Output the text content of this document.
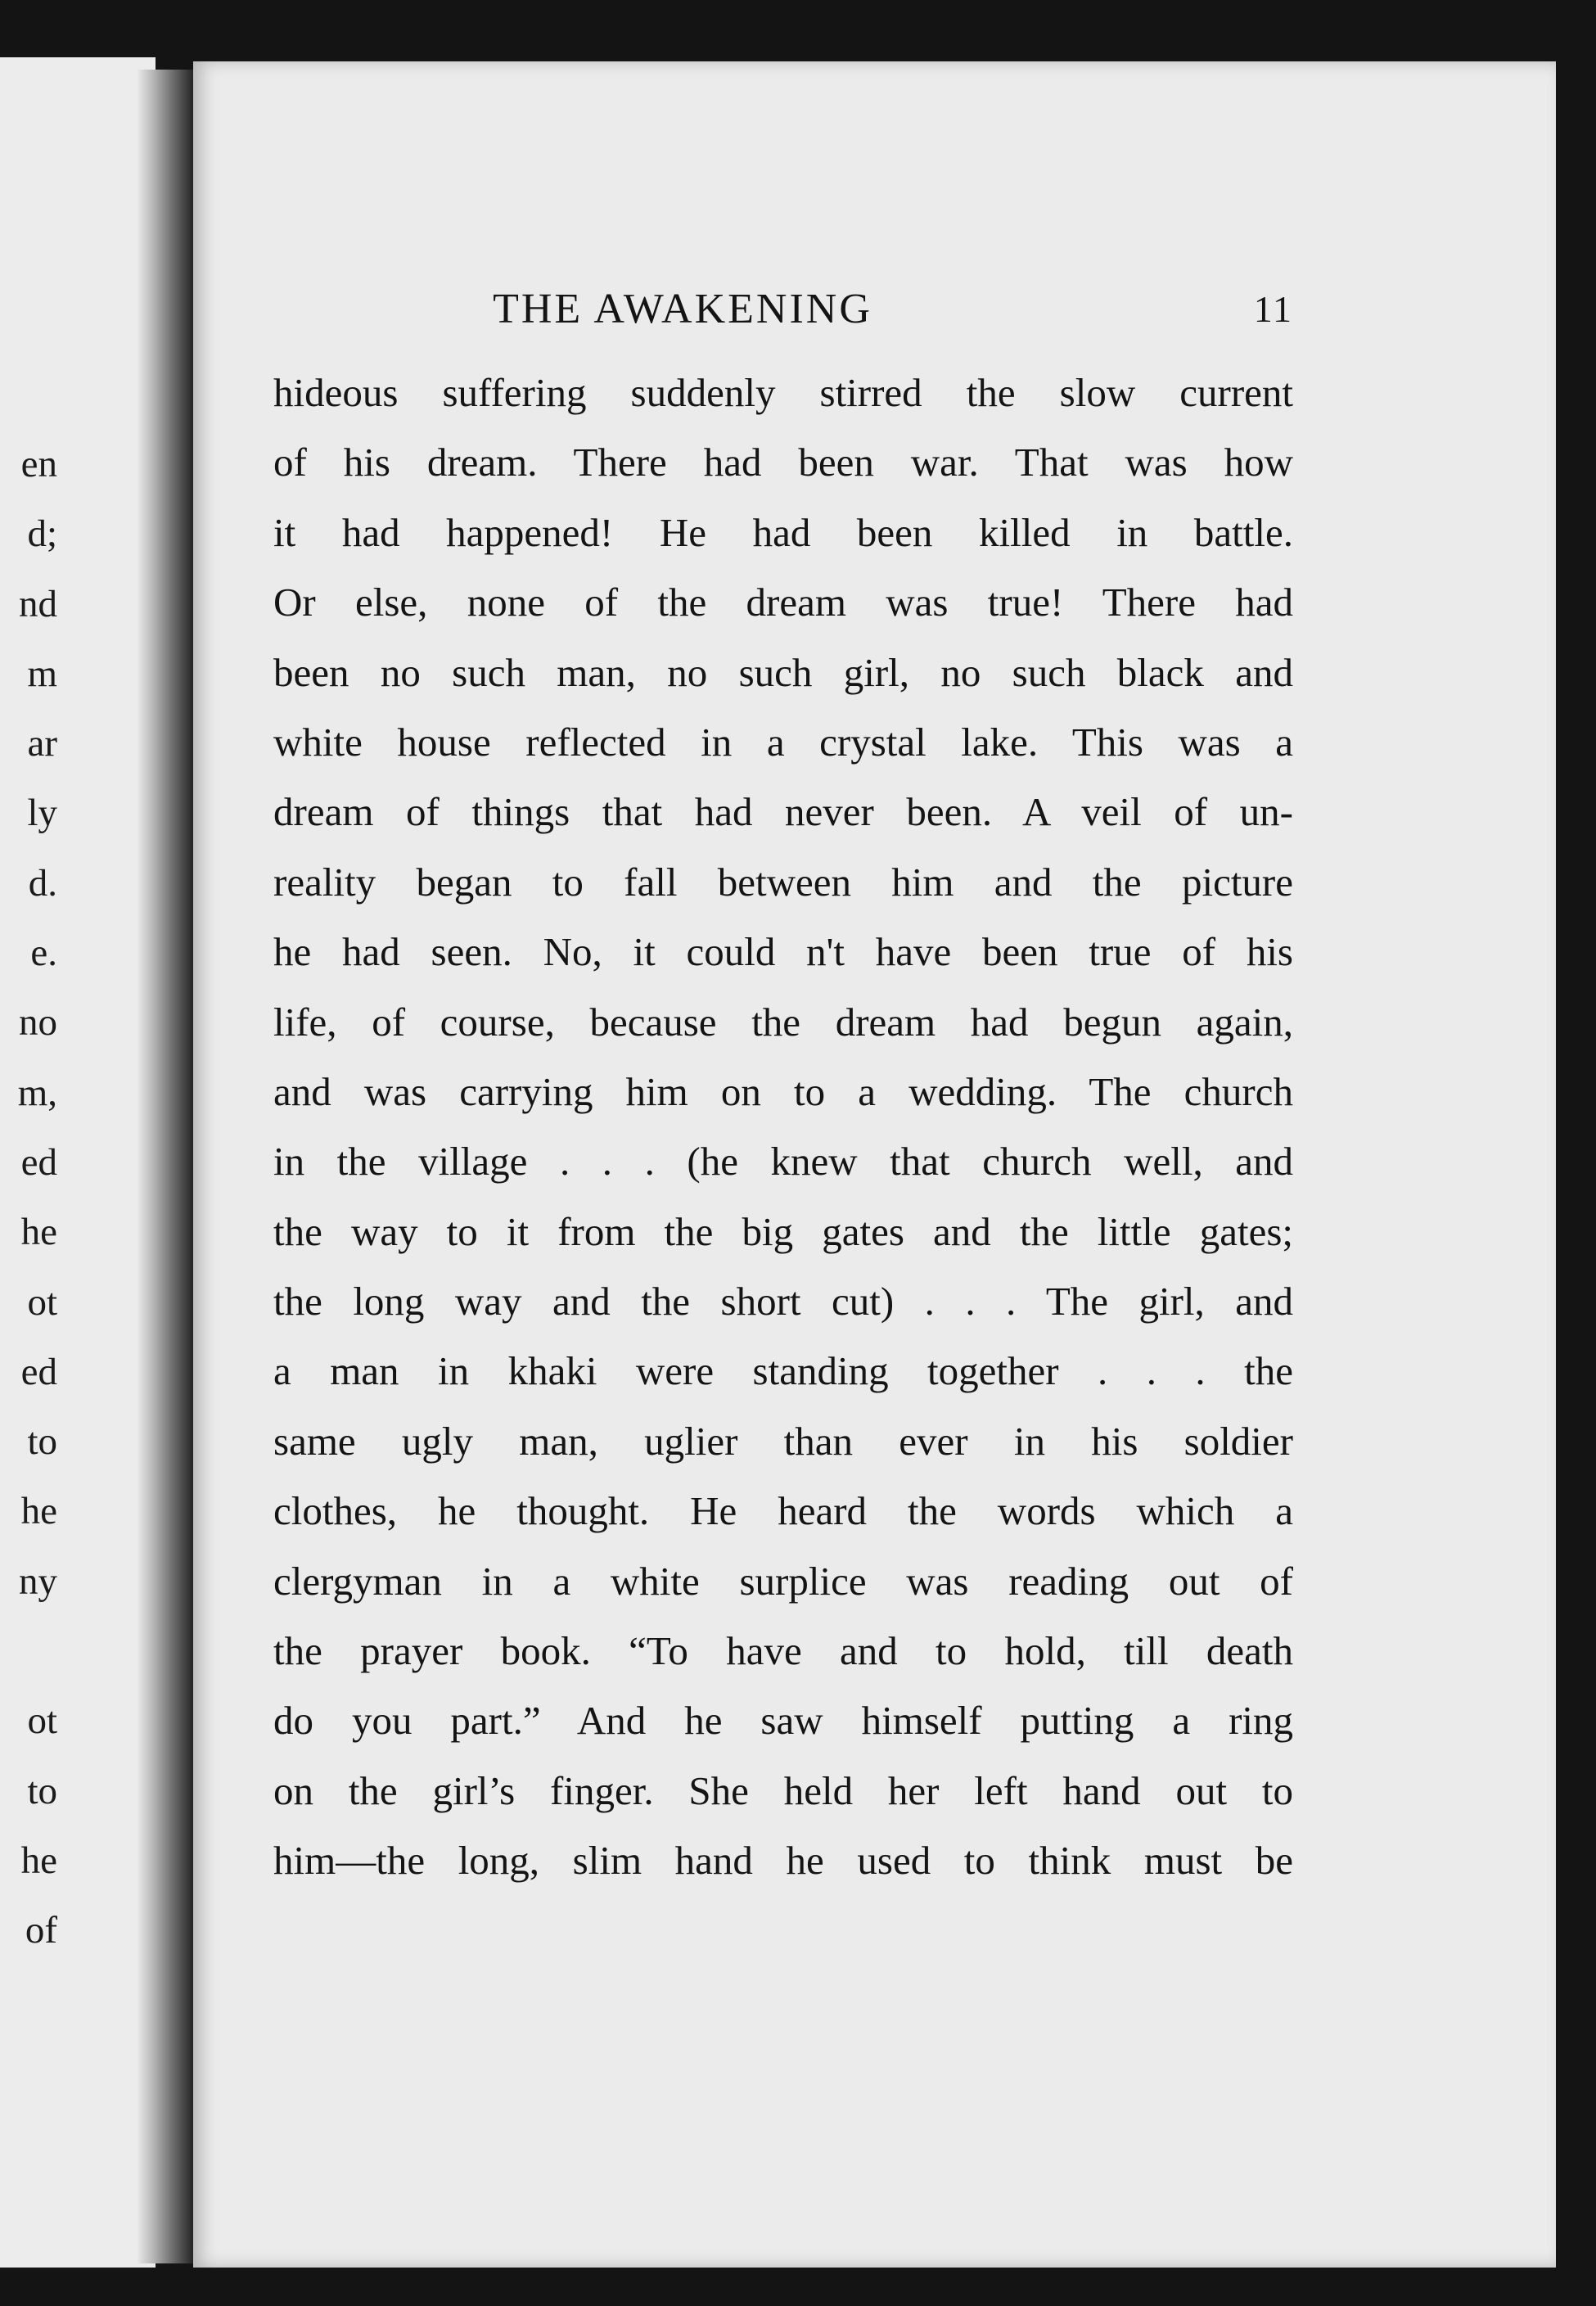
en
d;
nd
m
ar
ly
d.
e.
no
m,
ed
he
ot
ed
to
he
ny
ot
to
he
of
THE AWAKENING	11
hideous suffering suddenly stirred the slow current
of his dream. There had been war. That was how
it had happened! He had been killed in battle.
Or else, none of the dream was true! There had
been no such man, no such girl, no such black and
white house reflected in a crystal lake. This was a
dream of things that had never been. A veil of un-
reality began to fall between him and the picture
he had seen. No, it could n't have been true of his
life, of course, because the dream had begun again,
and was carrying him on to a wedding. The church
in the village . . . (he knew that church well, and
the way to it from the big gates and the little gates;
the long way and the short cut) . . . The girl, and
a man in khaki were standing together . . . the
same ugly man, uglier than ever in his soldier
clothes, he thought. He heard the words which a
clergyman in a white surplice was reading out of
the prayer book. “To have and to hold, till death
do you part.” And he saw himself putting a ring
on the girl’s finger. She held her left hand out to
him—the long, slim hand he used to think must be
